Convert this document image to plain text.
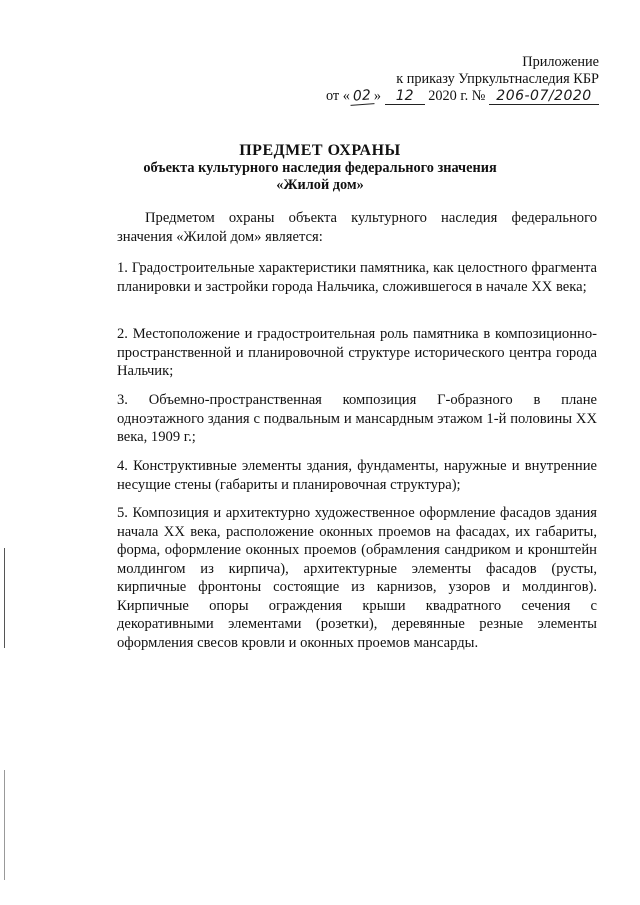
Приложение
к приказу Упркультнаследия КБР
от « 02 » 12 2020 г. № 206-07/2020
ПРЕДМЕТ ОХРАНЫ
объекта культурного наследия федерального значения
«Жилой дом»

Предметом охраны объекта культурного наследия федерального значения «Жилой дом» является:

1. Градостроительные характеристики памятника, как целостного фрагмента планировки и застройки города Нальчика, сложившегося в начале XX века;

2. Местоположение и градостроительная роль памятника в композиционно-пространственной и планировочной структуре исторического центра города Нальчик;

3. Объемно-пространственная композиция Г-образного в плане одноэтажного здания с подвальным и мансардным этажом 1-й половины XX века, 1909 г.;

4. Конструктивные элементы здания, фундаменты, наружные и внутренние несущие стены (габариты и планировочная структура);

5. Композиция и архитектурно художественное оформление фасадов здания начала XX века, расположение оконных проемов на фасадах, их габариты, форма, оформление оконных проемов (обрамления сандриком и кронштейн молдингом из кирпича), архитектурные элементы фасадов (русты, кирпичные фронтоны состоящие из карнизов, узоров и молдингов). Кирпичные опоры ограждения крыши квадратного сечения с декоративными элементами (розетки), деревянные резные элементы оформления свесов кровли и оконных проемов мансарды.
